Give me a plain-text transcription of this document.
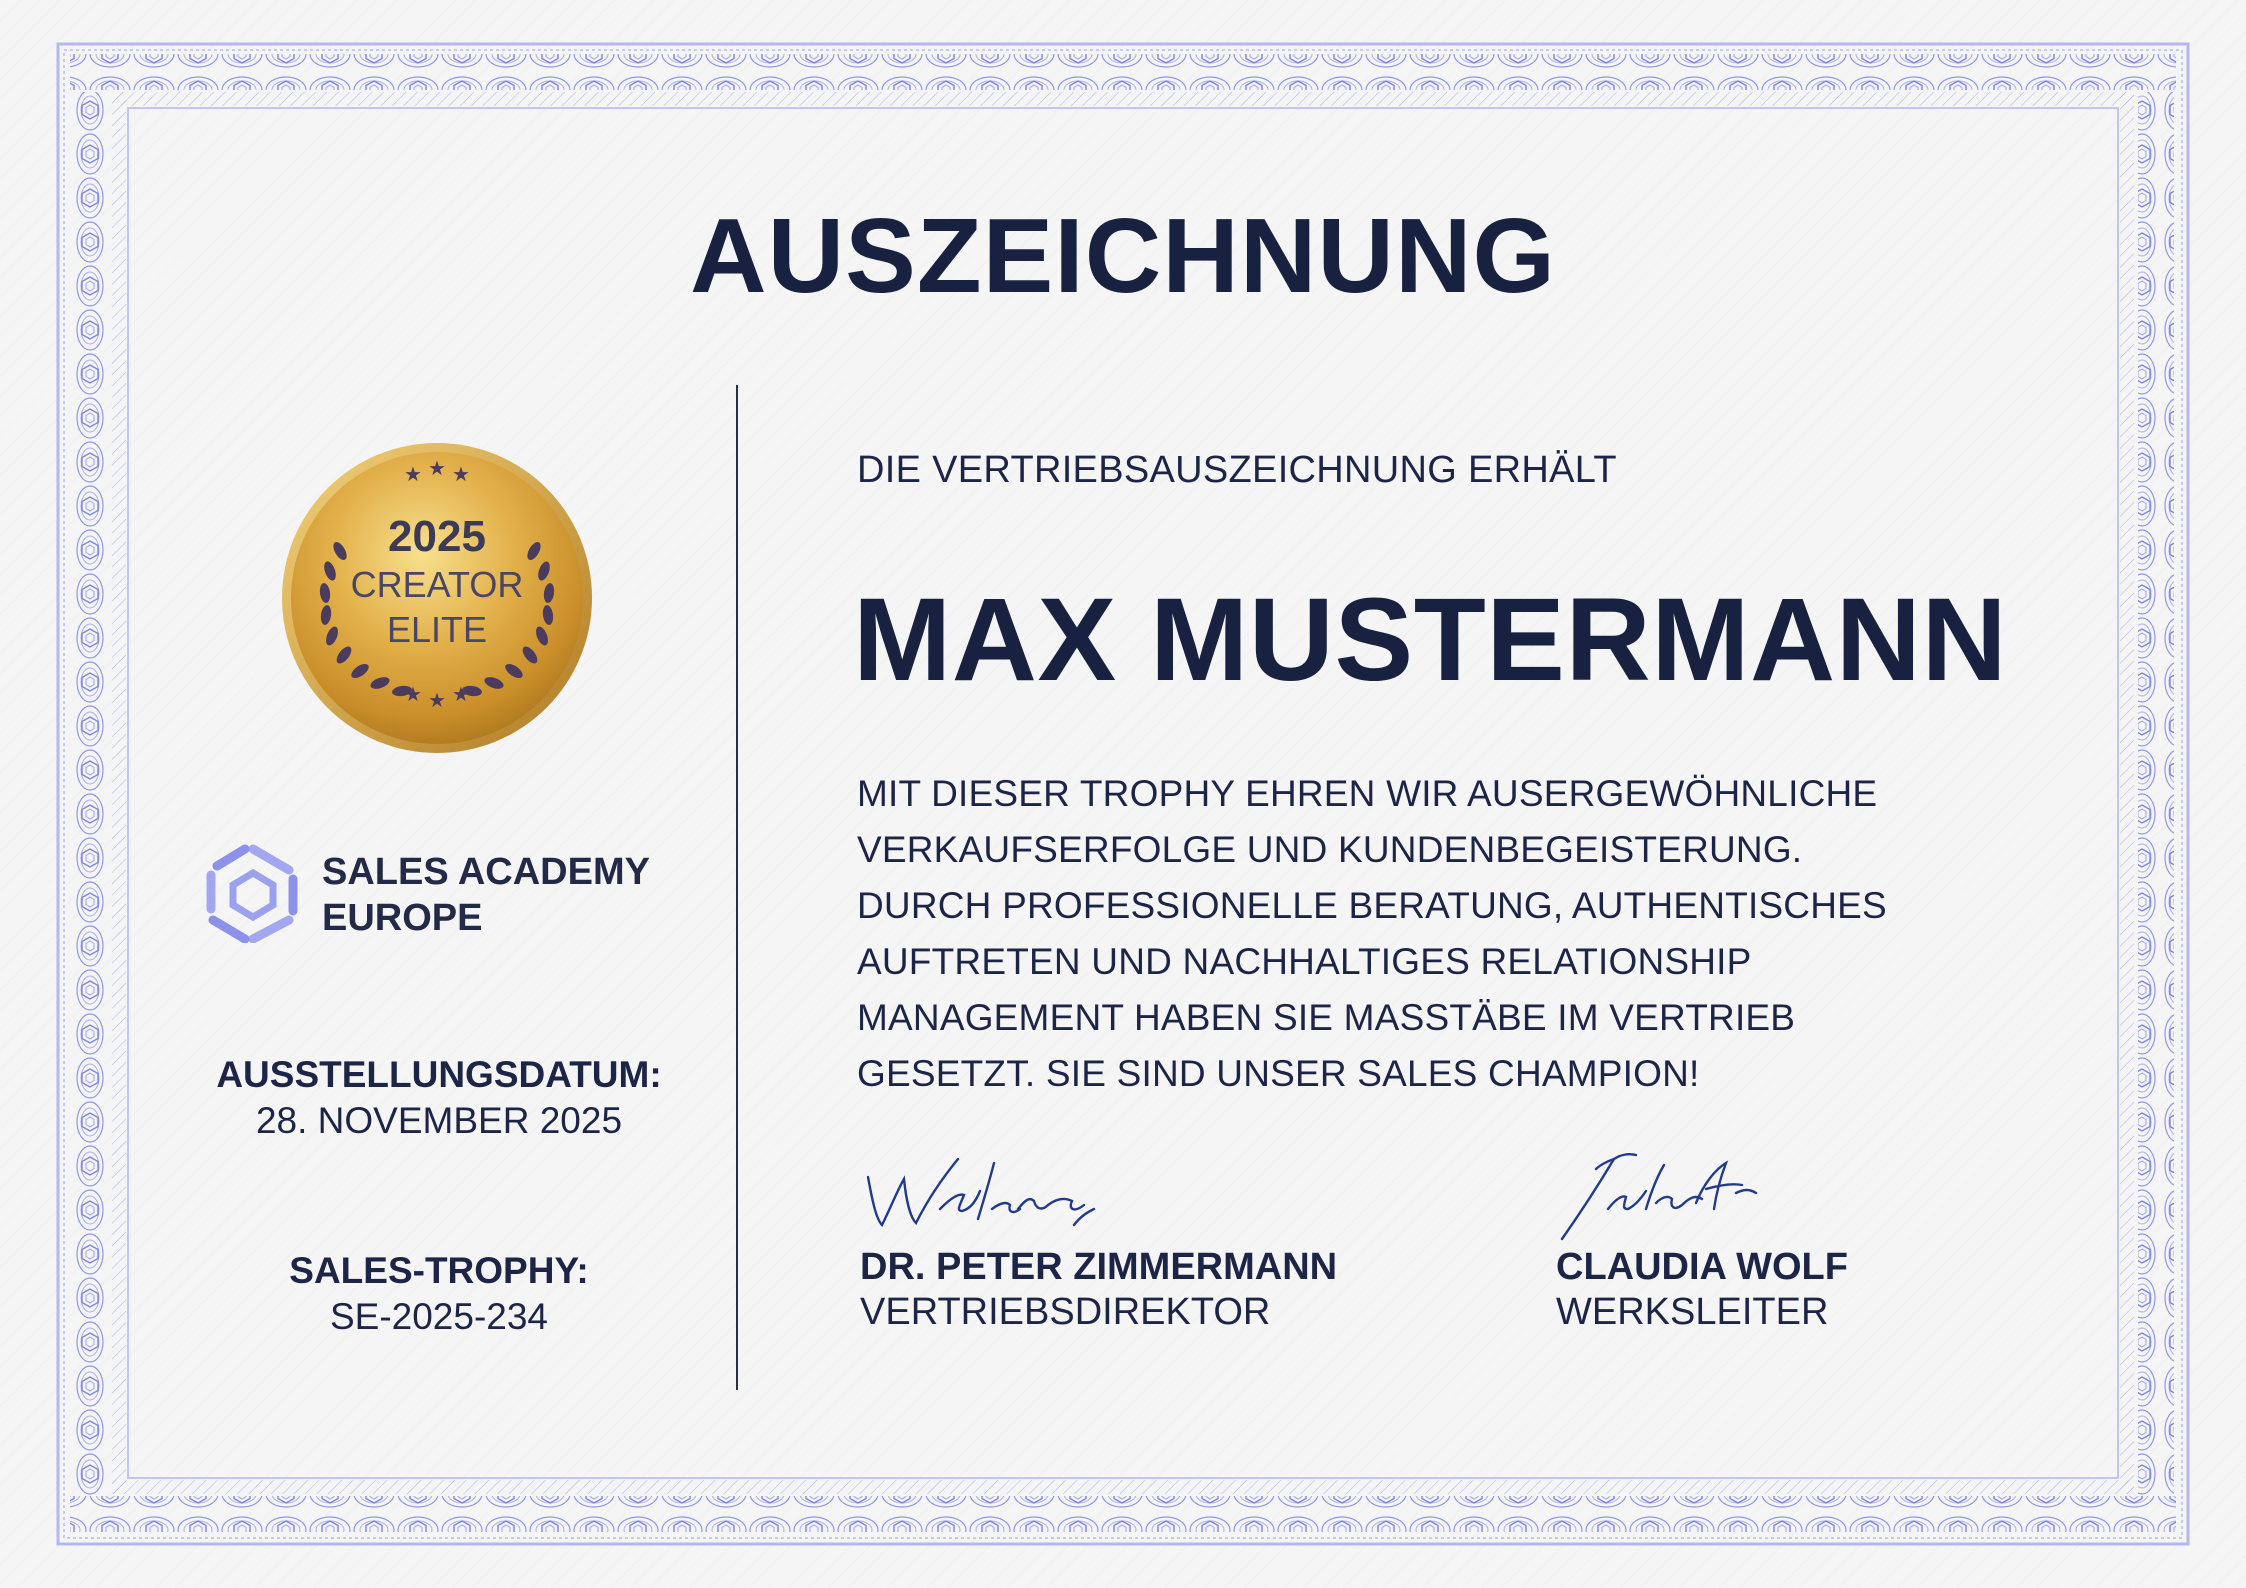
AUSZEICHNUNG
★ ★ ★
★ ★ ★
2025
CREATOR
ELITE
SALES ACADEMY
EUROPE
AUSSTELLUNGSDATUM:
28. NOVEMBER 2025
SALES-TROPHY:
SE-2025-234
DIE VERTRIEBSAUSZEICHNUNG ERHÄLT
MAX MUSTERMANN
MIT DIESER TROPHY EHREN WIR AUSERGEWÖHNLICHE
VERKAUFSERFOLGE UND KUNDENBEGEISTERUNG.
DURCH PROFESSIONELLE BERATUNG, AUTHENTISCHES
AUFTRETEN UND NACHHALTIGES RELATIONSHIP
MANAGEMENT HABEN SIE MASSTÄBE IM VERTRIEB
GESETZT. SIE SIND UNSER SALES CHAMPION!
DR. PETER ZIMMERMANN
VERTRIEBSDIREKTOR
CLAUDIA WOLF
WERKSLEITER
